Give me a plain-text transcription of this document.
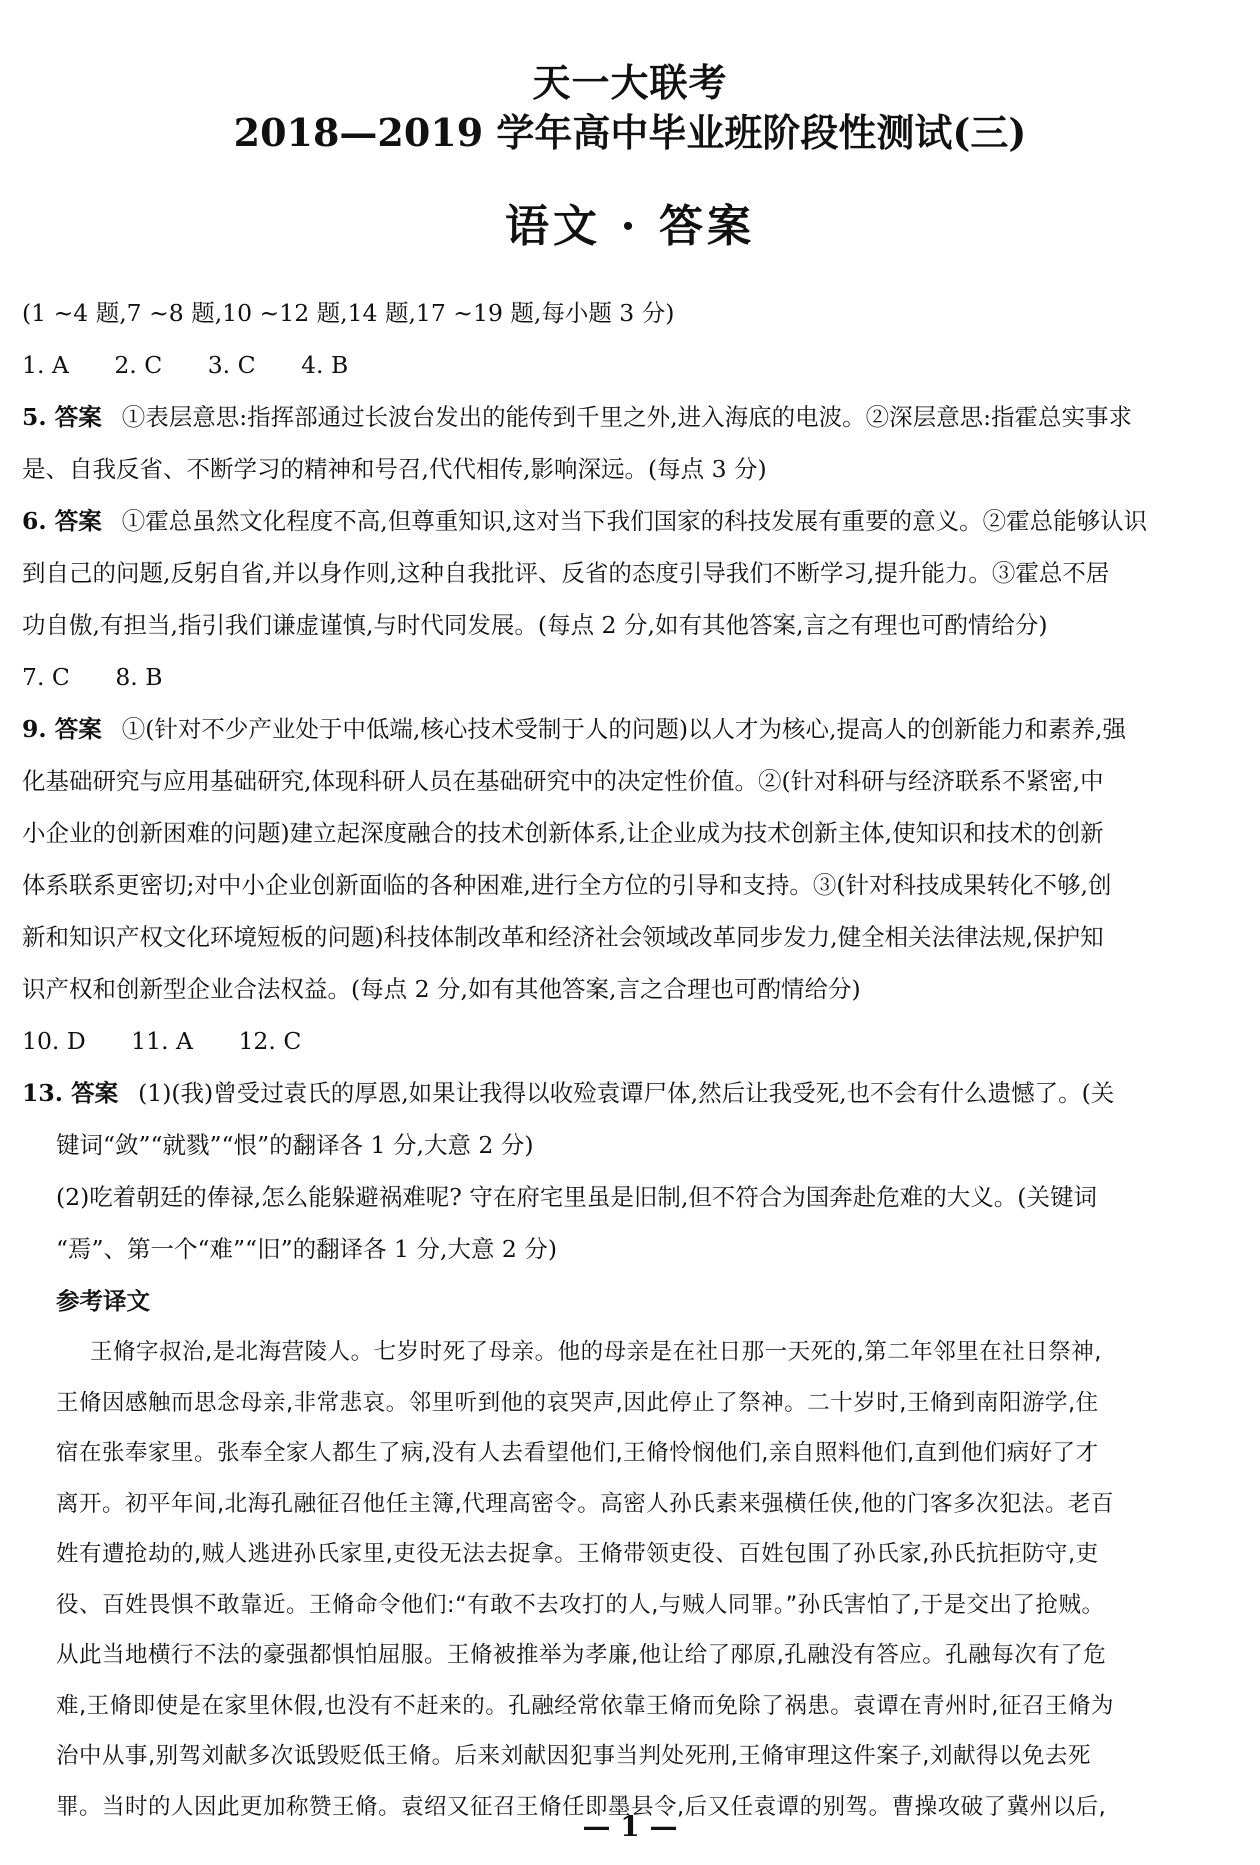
天一大联考
2018—2019 学年高中毕业班阶段性测试(三)
语文 · 答案
(1 ~4 题,7 ~8 题,10 ~12 题,14 题,17 ~19 题,每小题 3 分)
1. A 2. C 3. C 4. B
5. 答案 ①表层意思:指挥部通过长波台发出的能传到千里之外,进入海底的电波。②深层意思:指霍总实事求
是、自我反省、不断学习的精神和号召,代代相传,影响深远。(每点 3 分)
6. 答案 ①霍总虽然文化程度不高,但尊重知识,这对当下我们国家的科技发展有重要的意义。②霍总能够认识
到自己的问题,反躬自省,并以身作则,这种自我批评、反省的态度引导我们不断学习,提升能力。③霍总不居
功自傲,有担当,指引我们谦虚谨慎,与时代同发展。(每点 2 分,如有其他答案,言之有理也可酌情给分)
7. C 8. B
9. 答案 ①(针对不少产业处于中低端,核心技术受制于人的问题)以人才为核心,提高人的创新能力和素养,强
化基础研究与应用基础研究,体现科研人员在基础研究中的决定性价值。②(针对科研与经济联系不紧密,中
小企业的创新困难的问题)建立起深度融合的技术创新体系,让企业成为技术创新主体,使知识和技术的创新
体系联系更密切;对中小企业创新面临的各种困难,进行全方位的引导和支持。③(针对科技成果转化不够,创
新和知识产权文化环境短板的问题)科技体制改革和经济社会领域改革同步发力,健全相关法律法规,保护知
识产权和创新型企业合法权益。(每点 2 分,如有其他答案,言之合理也可酌情给分)
10. D 11. A 12. C
13. 答案 (1)(我)曾受过袁氏的厚恩,如果让我得以收殓袁谭尸体,然后让我受死,也不会有什么遗憾了。(关
键词“敛”“就戮”“恨”的翻译各 1 分,大意 2 分)
(2)吃着朝廷的俸禄,怎么能躲避祸难呢? 守在府宅里虽是旧制,但不符合为国奔赴危难的大义。(关键词
“焉”、第一个“难”“旧”的翻译各 1 分,大意 2 分)
参考译文
王脩字叔治,是北海营陵人。七岁时死了母亲。他的母亲是在社日那一天死的,第二年邻里在社日祭神,
王脩因感触而思念母亲,非常悲哀。邻里听到他的哀哭声,因此停止了祭神。二十岁时,王脩到南阳游学,住
宿在张奉家里。张奉全家人都生了病,没有人去看望他们,王脩怜悯他们,亲自照料他们,直到他们病好了才
离开。初平年间,北海孔融征召他任主簿,代理高密令。高密人孙氏素来强横任侠,他的门客多次犯法。老百
姓有遭抢劫的,贼人逃进孙氏家里,吏役无法去捉拿。王脩带领吏役、百姓包围了孙氏家,孙氏抗拒防守,吏
役、百姓畏惧不敢靠近。王脩命令他们:“有敢不去攻打的人,与贼人同罪。”孙氏害怕了,于是交出了抢贼。
从此当地横行不法的豪强都惧怕屈服。王脩被推举为孝廉,他让给了邴原,孔融没有答应。孔融每次有了危
难,王脩即使是在家里休假,也没有不赶来的。孔融经常依靠王脩而免除了祸患。袁谭在青州时,征召王脩为
治中从事,别驾刘献多次诋毁贬低王脩。后来刘献因犯事当判处死刑,王脩审理这件案子,刘献得以免去死
罪。当时的人因此更加称赞王脩。袁绍又征召王脩任即墨县令,后又任袁谭的别驾。曹操攻破了冀州以后,
— 1 —
